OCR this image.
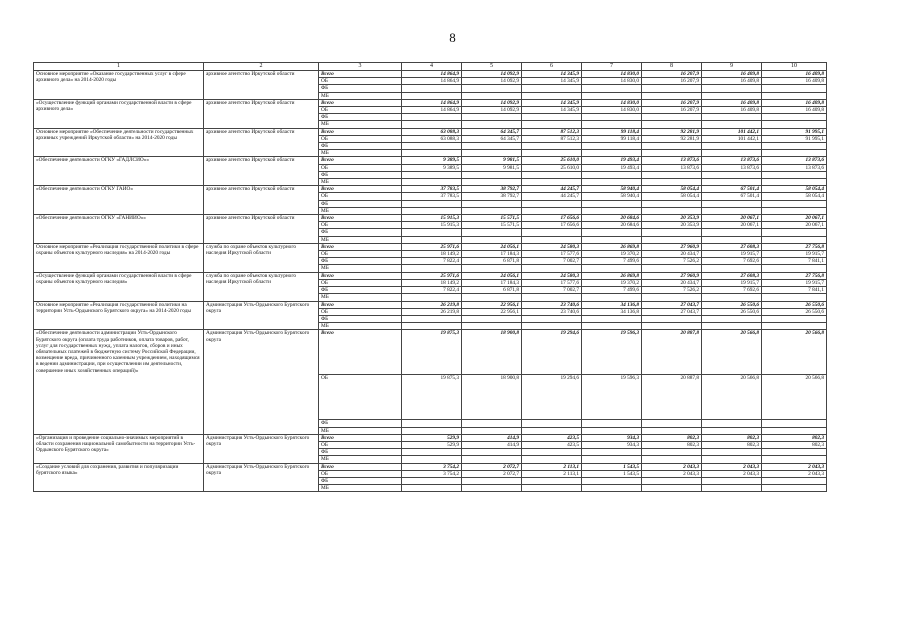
8
1	2	3	4	5	6	7	8	9	10
Основное мероприятие «Оказание государственных услуг в сфере архивного дела» на 2014-2020 годы	архивное агентство Иркутской области	Всего	14 864,9	14 092,9	14 345,9	14 830,0	16 207,9	16 409,8	16 409,8
		ОБ	14 864,9	14 092,9	14 345,9	14 830,0	16 207,9	16 409,8	16 409,8
		ФБ							
		МБ							
«Осуществление функций органами государственной власти в сфере архивного дела»	архивное агентство Иркутской области	Всего	14 864,9	14 092,9	14 345,9	14 830,0	16 207,9	16 409,8	16 409,8
		ОБ	14 864,9	14 092,9	14 345,9	14 830,0	16 207,9	16 409,8	16 409,8
		ФБ							
		МБ							
Основное мероприятие «Обеспечение деятельности государственных архивных учреждений Иркутской области» на 2014-2020 годы	архивное агентство Иркутской области	Всего	63 088,3	64 345,7	87 512,3	99 118,4	92 281,9	101 442,1	91 995,1
		ОБ	63 088,3	64 345,7	87 512,3	99 118,4	92 281,9	101 442,1	91 995,1
		ФБ							
		МБ							
«Обеспечение деятельности ОГКУ «ГАДЛСИО»»	архивное агентство Иркутской области	Всего	9 389,5	9 981,5	25 610,0	19 493,4	13 873,6	13 873,6	13 873,6
		ОБ	9 389,5	9 981,5	25 610,0	19 493,4	13 873,6	13 873,6	13 873,6
		ФБ							
		МБ							
«Обеспечение деятельности ОГКУ ГАИО»	архивное агентство Иркутской области	Всего	37 783,5	38 792,7	44 245,7	58 940,4	58 054,4	67 501,4	58 054,4
		ОБ	37 783,5	38 792,7	44 245,7	58 940,4	58 054,4	67 501,4	58 054,4
		ФБ							
		МБ							
«Обеспечение деятельности ОГКУ «ГАНИИО»»	архивное агентство Иркутской области	Всего	15 915,3	15 571,5	17 656,6	20 684,6	20 353,9	20 067,1	20 067,1
		ОБ	15 915,3	15 571,5	17 656,6	20 684,6	20 353,9	20 067,1	20 067,1
		ФБ							
		МБ							
Основное мероприятие «Реализация государственной политики в сфере охраны объектов культурного наследия» на 2014-2020 годы	служба по охране объектов культурного наследия Иркутской области	Всего	25 971,6	24 056,1	24 580,3	26 869,8	27 960,9	27 608,3	27 756,8
		ОБ	18 149,2	17 184,3	17 577,6	19 370,2	20 434,7	19 915,7	19 915,7
		ФБ	7 822,4	6 871,8	7 002,7	7 499,6	7 526,2	7 692,6	7 841,1
		МБ							
«Осуществление функций органами государственной власти в сфере охраны объектов культурного наследия»	служба по охране объектов культурного наследия Иркутской области	Всего	25 971,6	24 056,1	24 580,3	26 869,8	27 960,9	27 608,3	27 756,8
		ОБ	18 149,2	17 184,3	17 577,6	19 370,2	20 434,7	19 915,7	19 915,7
		ФБ	7 822,4	6 871,8	7 002,7	7 499,6	7 526,2	7 692,6	7 841,1
		МБ							
Основное мероприятие «Реализация государственной политики на территории Усть-Ордынского Бурятского округа» на 2014-2020 годы	Администрация Усть-Ордынского Бурятского округа	Всего	26 219,8	22 956,1	23 740,6	34 136,8	27 043,7	26 550,6	26 550,6
		ОБ	26 219,8	22 956,1	23 740,6	34 136,8	27 043,7	26 550,6	26 550,6
		ФБ							
		МБ							
«Обеспечение деятельности администрации Усть-Ордынского Бурятского округа (оплата труда работников, оплата товаров, работ, услуг для государственных нужд, уплата налогов, сборов и иных обязательных платежей в бюджетную систему Российской Федерации, возмещение вреда, причиненного казенным учреждением, находящимся в ведении администрации, при осуществлении им деятельности, совершение иных хозяйственных операций)»	Администрация Усть-Ордынского Бурятского округа	Всего	19 875,3	18 900,8	19 294,6	19 596,3	20 887,8	20 566,8	20 566,8
		ОБ	19 875,3	18 900,8	19 294,6	19 596,3	20 887,8	20 566,8	20 566,8
		ФБ							
		МБ							
«Организация и проведение социально-значимых мероприятий в области сохранения национальной самобытности на территории Усть-Ордынского Бурятского округа»	Администрация Усть-Ордынского Бурятского округа	Всего	529,9	414,9	423,5	934,3	802,3	802,3	802,3
		ОБ	529,9	414,9	423,5	934,3	802,3	802,3	802,3
		ФБ							
		МБ							
«Создание условий для сохранения, развития и популяризации бурятского языка»	Администрация Усть-Ордынского Бурятского округа	Всего	3 754,2	2 072,7	2 113,1	1 543,5	2 043,3	2 043,3	2 043,3
		ОБ	3 754,2	2 072,7	2 113,1	1 543,5	2 043,3	2 043,3	2 043,3
		ФБ							
		МБ							
